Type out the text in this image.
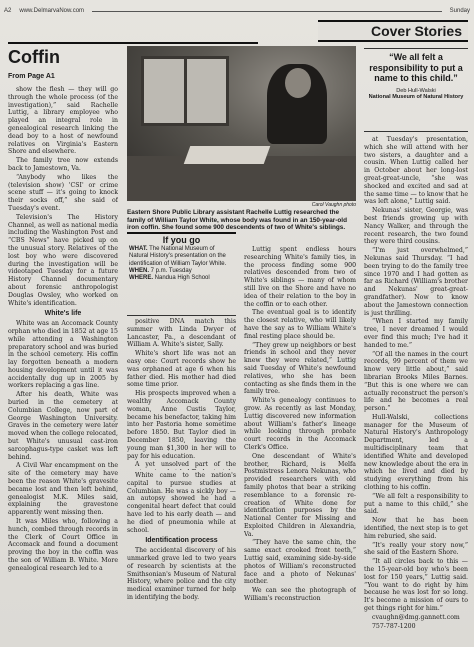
A2 www.DelmarvaNow.com	Sunday
Cover Stories
Coffin
From Page A1

show the flesh — they will go through the whole process (of the investigation),” said Rachelle Luttig, a library employee who played an integral role in genealogical research linking the dead boy to a host of newfound relatives on Virginia's Eastern Shore and elsewhere.

The family tree now extends back to Jamestown, Va.

“Anybody who likes the (television show) 'CSI' or crime scene stuff — it's going to knock their socks off,” she said of Tuesday's event.

Television's The History Channel, as well as national media including the Washington Post and “CBS News” have picked up on the unusual story. Relatives of the lost boy who were discovered during the investigation will be videotaped Tuesday for a future History Channel documentary about forensic anthropologist Douglas Owsley, who worked on White's identification.

White's life

White was an Accomack County orphan who died in 1852 at age 15 while attending a Washington preparatory school and was buried in the school cemetery. His coffin lay forgotten beneath a modern housing development until it was accidentally dug up in 2005 by workers replacing a gas line.

After his death, White was buried in the cemetery at Columbian College, now part of George Washington University. Graves in the cemetery were later moved when the college relocated, but White's unusual cast-iron sarcophagus-type casket was left behind.

A Civil War encampment on the site of the cemetery may have been the reason White's gravesite became lost and then left behind, genealogist M.K. Miles said, explaining the gravestone apparently went missing then.

It was Miles who, following a hunch, combed through records in the Clerk of Court Office in Accomack and found a document proving the boy in the coffin was the son of William B. White. More genealogical research led to a

Carol Vaughn photo
Eastern Shore Public Library assistant Rachelle Luttig researched the family of William Taylor White, whose body was found in an 150-year-old iron coffin. She found some 900 descendents of two of White's siblings.
“We all felt a responsibility to put a name to this child.”
Deb Hull-Walski
National Museum of Natural History
If you go
WHAT. The National Museum of Natural History's presentation on the identification of William Taylor White.
WHEN. 7 p.m. Tuesday
WHERE. Nandua High School

positive DNA match this summer with Linda Dwyer of Lancaster, Pa., a descendant of William A. White's sister, Sally.

White's short life was not an easy one: Court records show he was orphaned at age 6 when his father died. His mother had died some time prior.

His prospects improved when a wealthy Accomack County woman, Anne Custis Taylor, became his benefactor, taking him into her Pastoria home sometime before 1850. But Taylor died in December 1850, leaving the young man $1,300 in her will to pay for his education.

A yet unsolved part of the

White came to the nation's capital to pursue studies at Columbian. He was a sickly boy — an autopsy showed he had a congenital heart defect that could have led to his early death — and he died of pneumonia while at school.

Identification process

The accidental discovery of his unmarked grave led to two years of research by scientists at the Smithsonian's Museum of Natural History, where police and the city medical examiner turned for help in identifying the body.

Luttig spent endless hours researching White's family ties, in the process finding some 900 relatives descended from two of White's siblings — many of whom still live on the Shore and have no idea of their relation to the boy in the coffin or to each other.

The eventual goal is to identify the closest relative, who will likely have the say as to William White's final resting place should be.

“They grew up neighbors or best friends in school and they never knew they were related,” Luttig said Tuesday of White's newfound relatives, who she has been contacting as she finds them in the family tree.

White's genealogy continues to grow. As recently as last Monday, Luttig discovered new information about William's father's lineage while looking through probate court records in the Accomack Clerk's Office.

One descendant of White's brother, Richard, is Melfa Postmistress Lenora Nekunas, who provided researchers with old family photos that bear a striking resemblance to a forensic re-creation of White done for identification purposes by the National Center for Missing and Exploited Children in Alexandria, Va.

“They have the same chin, the same exact crooked front teeth,” Luttig said, examining side-by-side photos of William's reconstructed face and a photo of Nekunas' mother.

We can see the photograph of William's reconstruction

at Tuesday's presentation, which she will attend with her two sisters, a daughter and a cousin. When Luttig called her in October about her long-lost great-great-uncle, “she was shocked and excited and sad at the same time — to know that he was left alone,” Luttig said.

Nekunas' sister, Georgie, was best friends growing up with Nancy Walker, and through the recent research, the two found they were third cousins.

“I'm just overwhelmed,” Nekunas said Thursday. “I had been trying to do the family tree since 1970 and I had gotten as far as Richard (William's brother and Nekunas' great-great-grandfather). Now to know about the Jamestown connection is just thrilling.

“When I started my family tree, I never dreamed I would ever find this much; I've had it handed to me.”

“Of all the names in the court records, 99 percent of them we know very little about,” said librarian Brooks Miles Barnes. “But this is one where we can actually reconstruct the person's life and he becomes a real person.”

Hull-Walski, collections manager for the Museum of Natural History's Anthropology Department, led a multidisciplinary team that identified White and developed new knowledge about the era in which he lived and died by studying everything from his clothing to his coffin.

“We all felt a responsibility to put a name to this child,” she said.

Now that he has been identified, the next step is to get him reburied, she said.

“It's really your story now,” she said of the Eastern Shore.

“It all circles back to this — the 15-year-old boy who's been lost for 150 years,” Luttig said. “You want to do right by him because he was lost for so long. It's become a mission of ours to get things right for him.”

cvaughn@dmg.gannett.com

757-787-1200
